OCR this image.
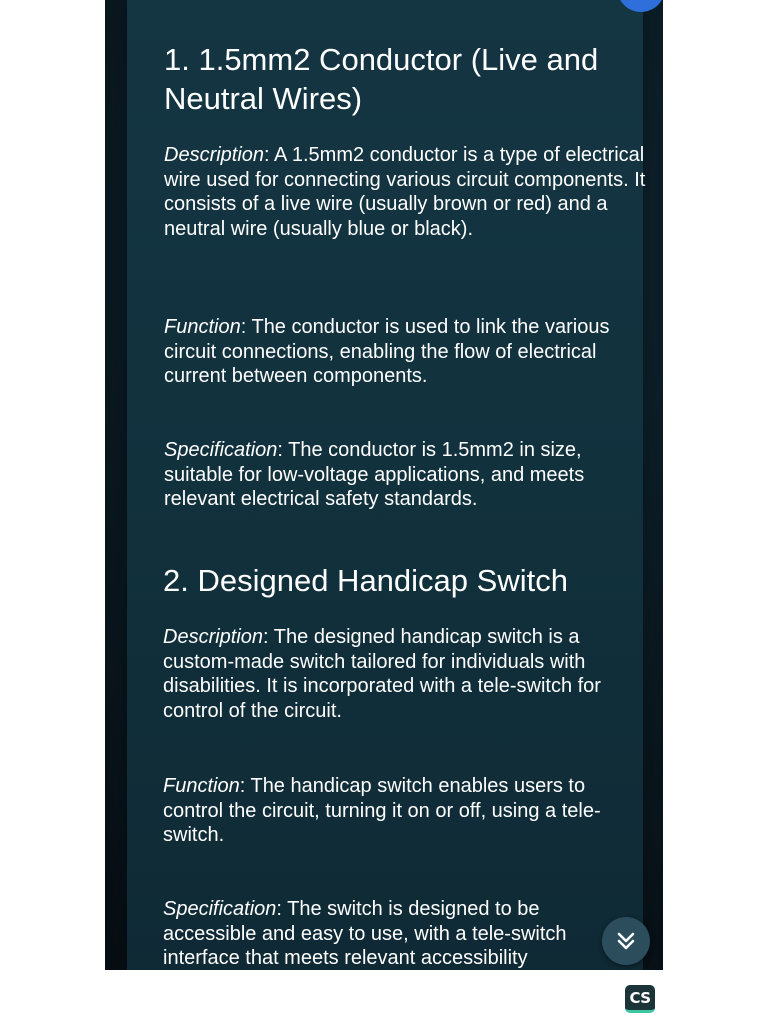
1. 1.5mm2 Conductor (Live and Neutral Wires)

Description: A 1.5mm2 conductor is a type of electrical wire used for connecting various circuit components. It consists of a live wire (usually brown or red) and a neutral wire (usually blue or black).

Function: The conductor is used to link the various circuit connections, enabling the flow of electrical current between components.

Specification: The conductor is 1.5mm2 in size, suitable for low-voltage applications, and meets relevant electrical safety standards.

2. Designed Handicap Switch

Description: The designed handicap switch is a custom-made switch tailored for individuals with disabilities. It is incorporated with a tele-switch for control of the circuit.

Function: The handicap switch enables users to control the circuit, turning it on or off, using a tele-switch.

Specification: The switch is designed to be accessible and easy to use, with a tele-switch interface that meets relevant accessibility

CS
